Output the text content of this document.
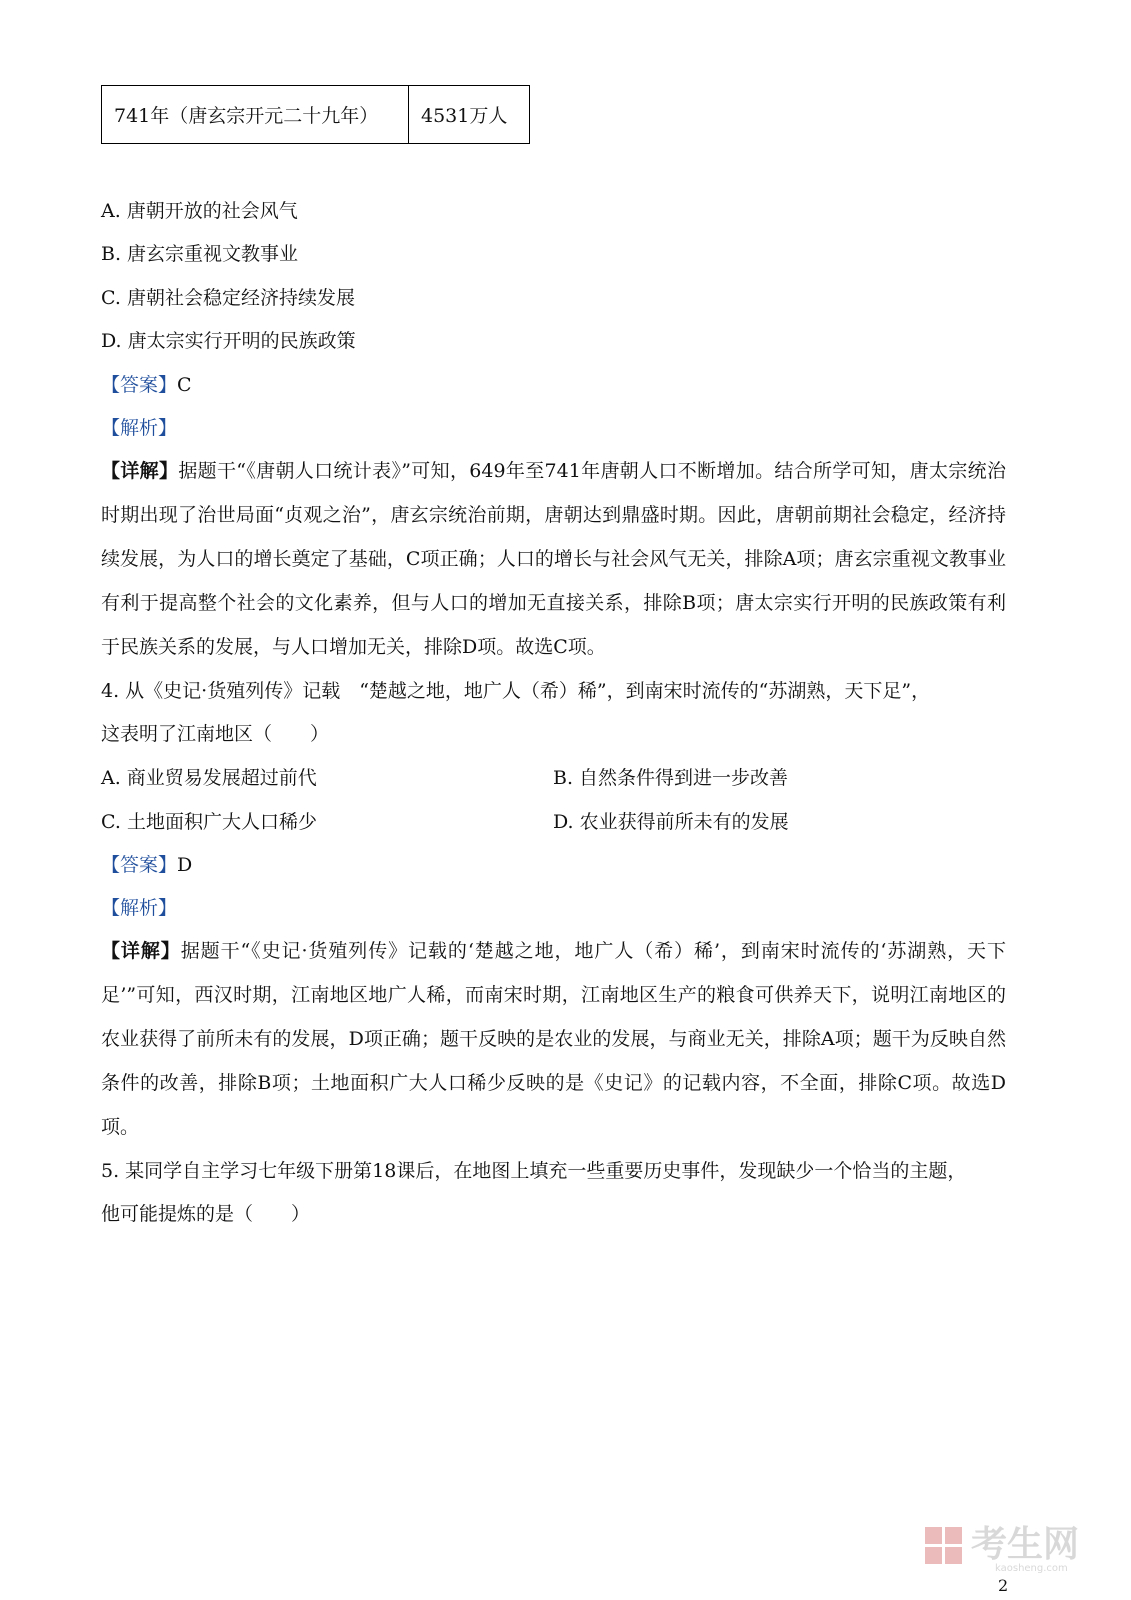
741年（唐玄宗开元二十九年）	4531万人
A. 唐朝开放的社会风气
B. 唐玄宗重视文教事业
C. 唐朝社会稳定经济持续发展
D. 唐太宗实行开明的民族政策
【答案】C
【解析】
【详解】据题干“《唐朝人口统计表》”可知，649年至741年唐朝人口不断增加。结合所学可知，唐太宗统治时期出现了治世局面“贞观之治”，唐玄宗统治前期，唐朝达到鼎盛时期。因此，唐朝前期社会稳定，经济持续发展，为人口的增长奠定了基础，C项正确；人口的增长与社会风气无关，排除A项；唐玄宗重视文教事业有利于提高整个社会的文化素养，但与人口的增加无直接关系，排除B项；唐太宗实行开明的民族政策有利于民族关系的发展，与人口增加无关，排除D项。故选C项。
4. 从《史记·货殖列传》记载　“楚越之地，地广人（希）稀”，到南宋时流传的“苏湖熟，天下足”，
这表明了江南地区（　　）
A. 商业贸易发展超过前代	B. 自然条件得到进一步改善
C. 土地面积广大人口稀少	D. 农业获得前所未有的发展
【答案】D
【解析】
【详解】据题干“《史记·货殖列传》记载的‘楚越之地，地广人（希）稀’，到南宋时流传的‘苏湖熟，天下足’”可知，西汉时期，江南地区地广人稀，而南宋时期，江南地区生产的粮食可供养天下，说明江南地区的农业获得了前所未有的发展，D项正确；题干反映的是农业的发展，与商业无关，排除A项；题干为反映自然条件的改善，排除B项；土地面积广大人口稀少反映的是《史记》的记载内容，不全面，排除C项。故选D项。
5. 某同学自主学习七年级下册第18课后，在地图上填充一些重要历史事件，发现缺少一个恰当的主题，
他可能提炼的是（　　）
考生网
kaosheng.com
2
